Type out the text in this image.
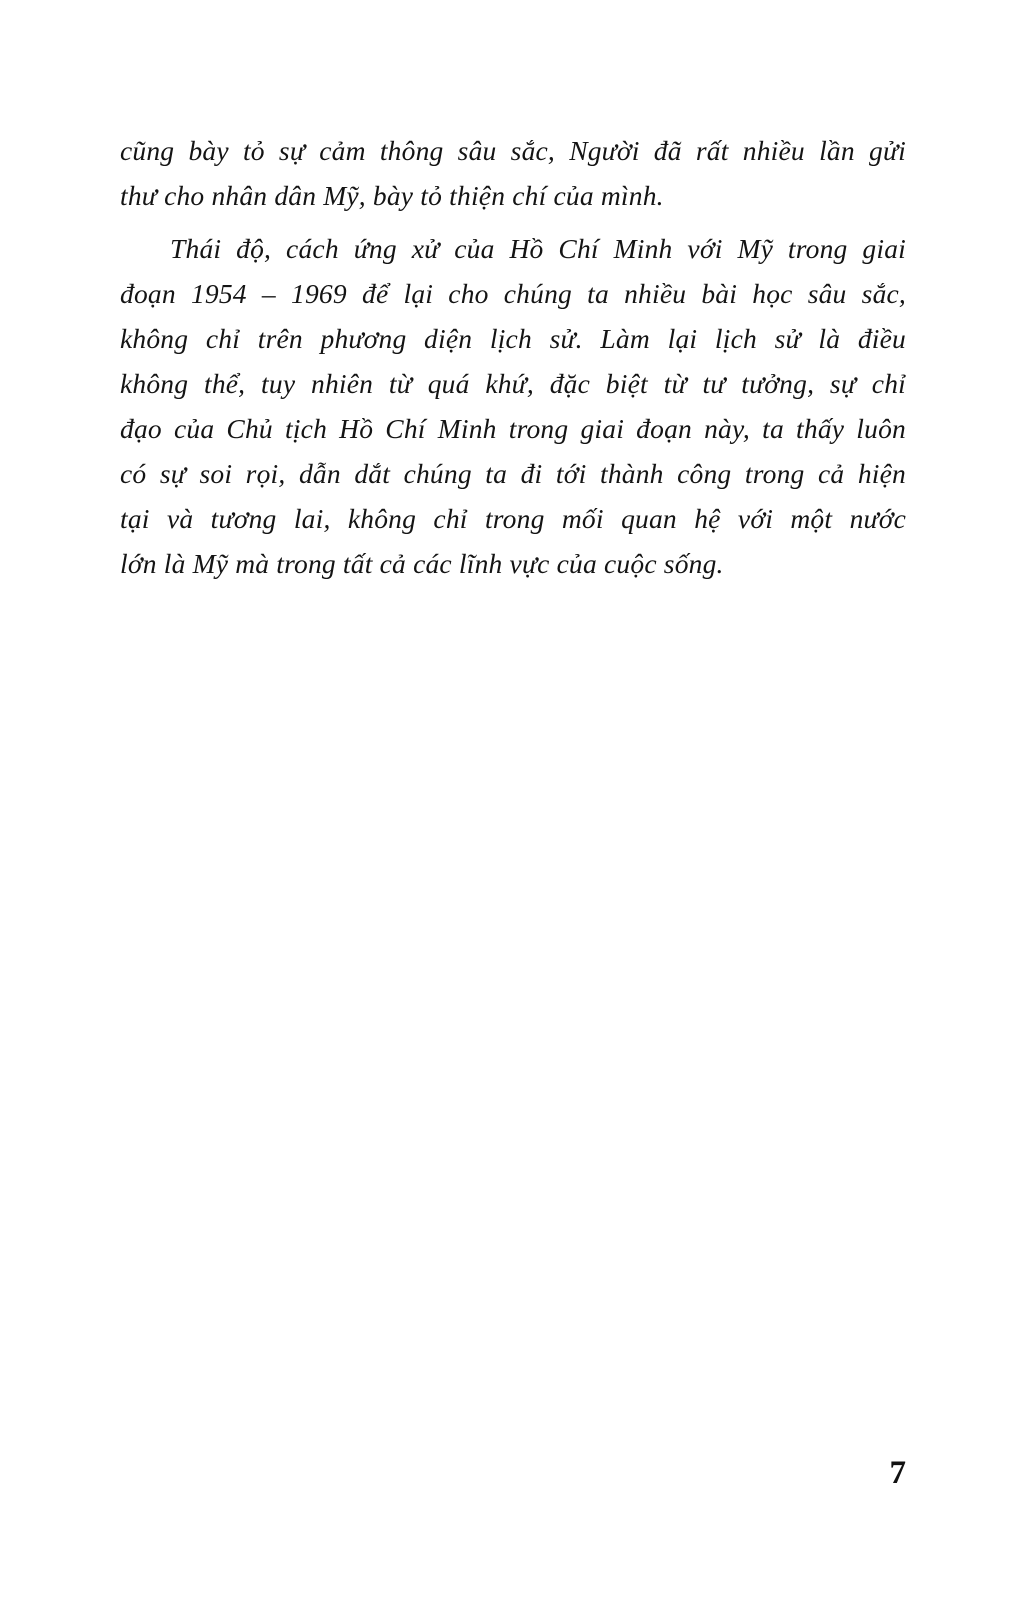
cũng bày tỏ sự cảm thông sâu sắc, Người đã rất nhiều lần gửi
thư cho nhân dân Mỹ, bày tỏ thiện chí của mình.
Thái độ, cách ứng xử của Hồ Chí Minh với Mỹ trong giai
đoạn 1954 – 1969 để lại cho chúng ta nhiều bài học sâu sắc,
không chỉ trên phương diện lịch sử. Làm lại lịch sử là điều
không thể, tuy nhiên từ quá khứ, đặc biệt từ tư tưởng, sự chỉ
đạo của Chủ tịch Hồ Chí Minh trong giai đoạn này, ta thấy luôn
có sự soi rọi, dẫn dắt chúng ta đi tới thành công trong cả hiện
tại và tương lai, không chỉ trong mối quan hệ với một nước
lớn là Mỹ mà trong tất cả các lĩnh vực của cuộc sống.
7
